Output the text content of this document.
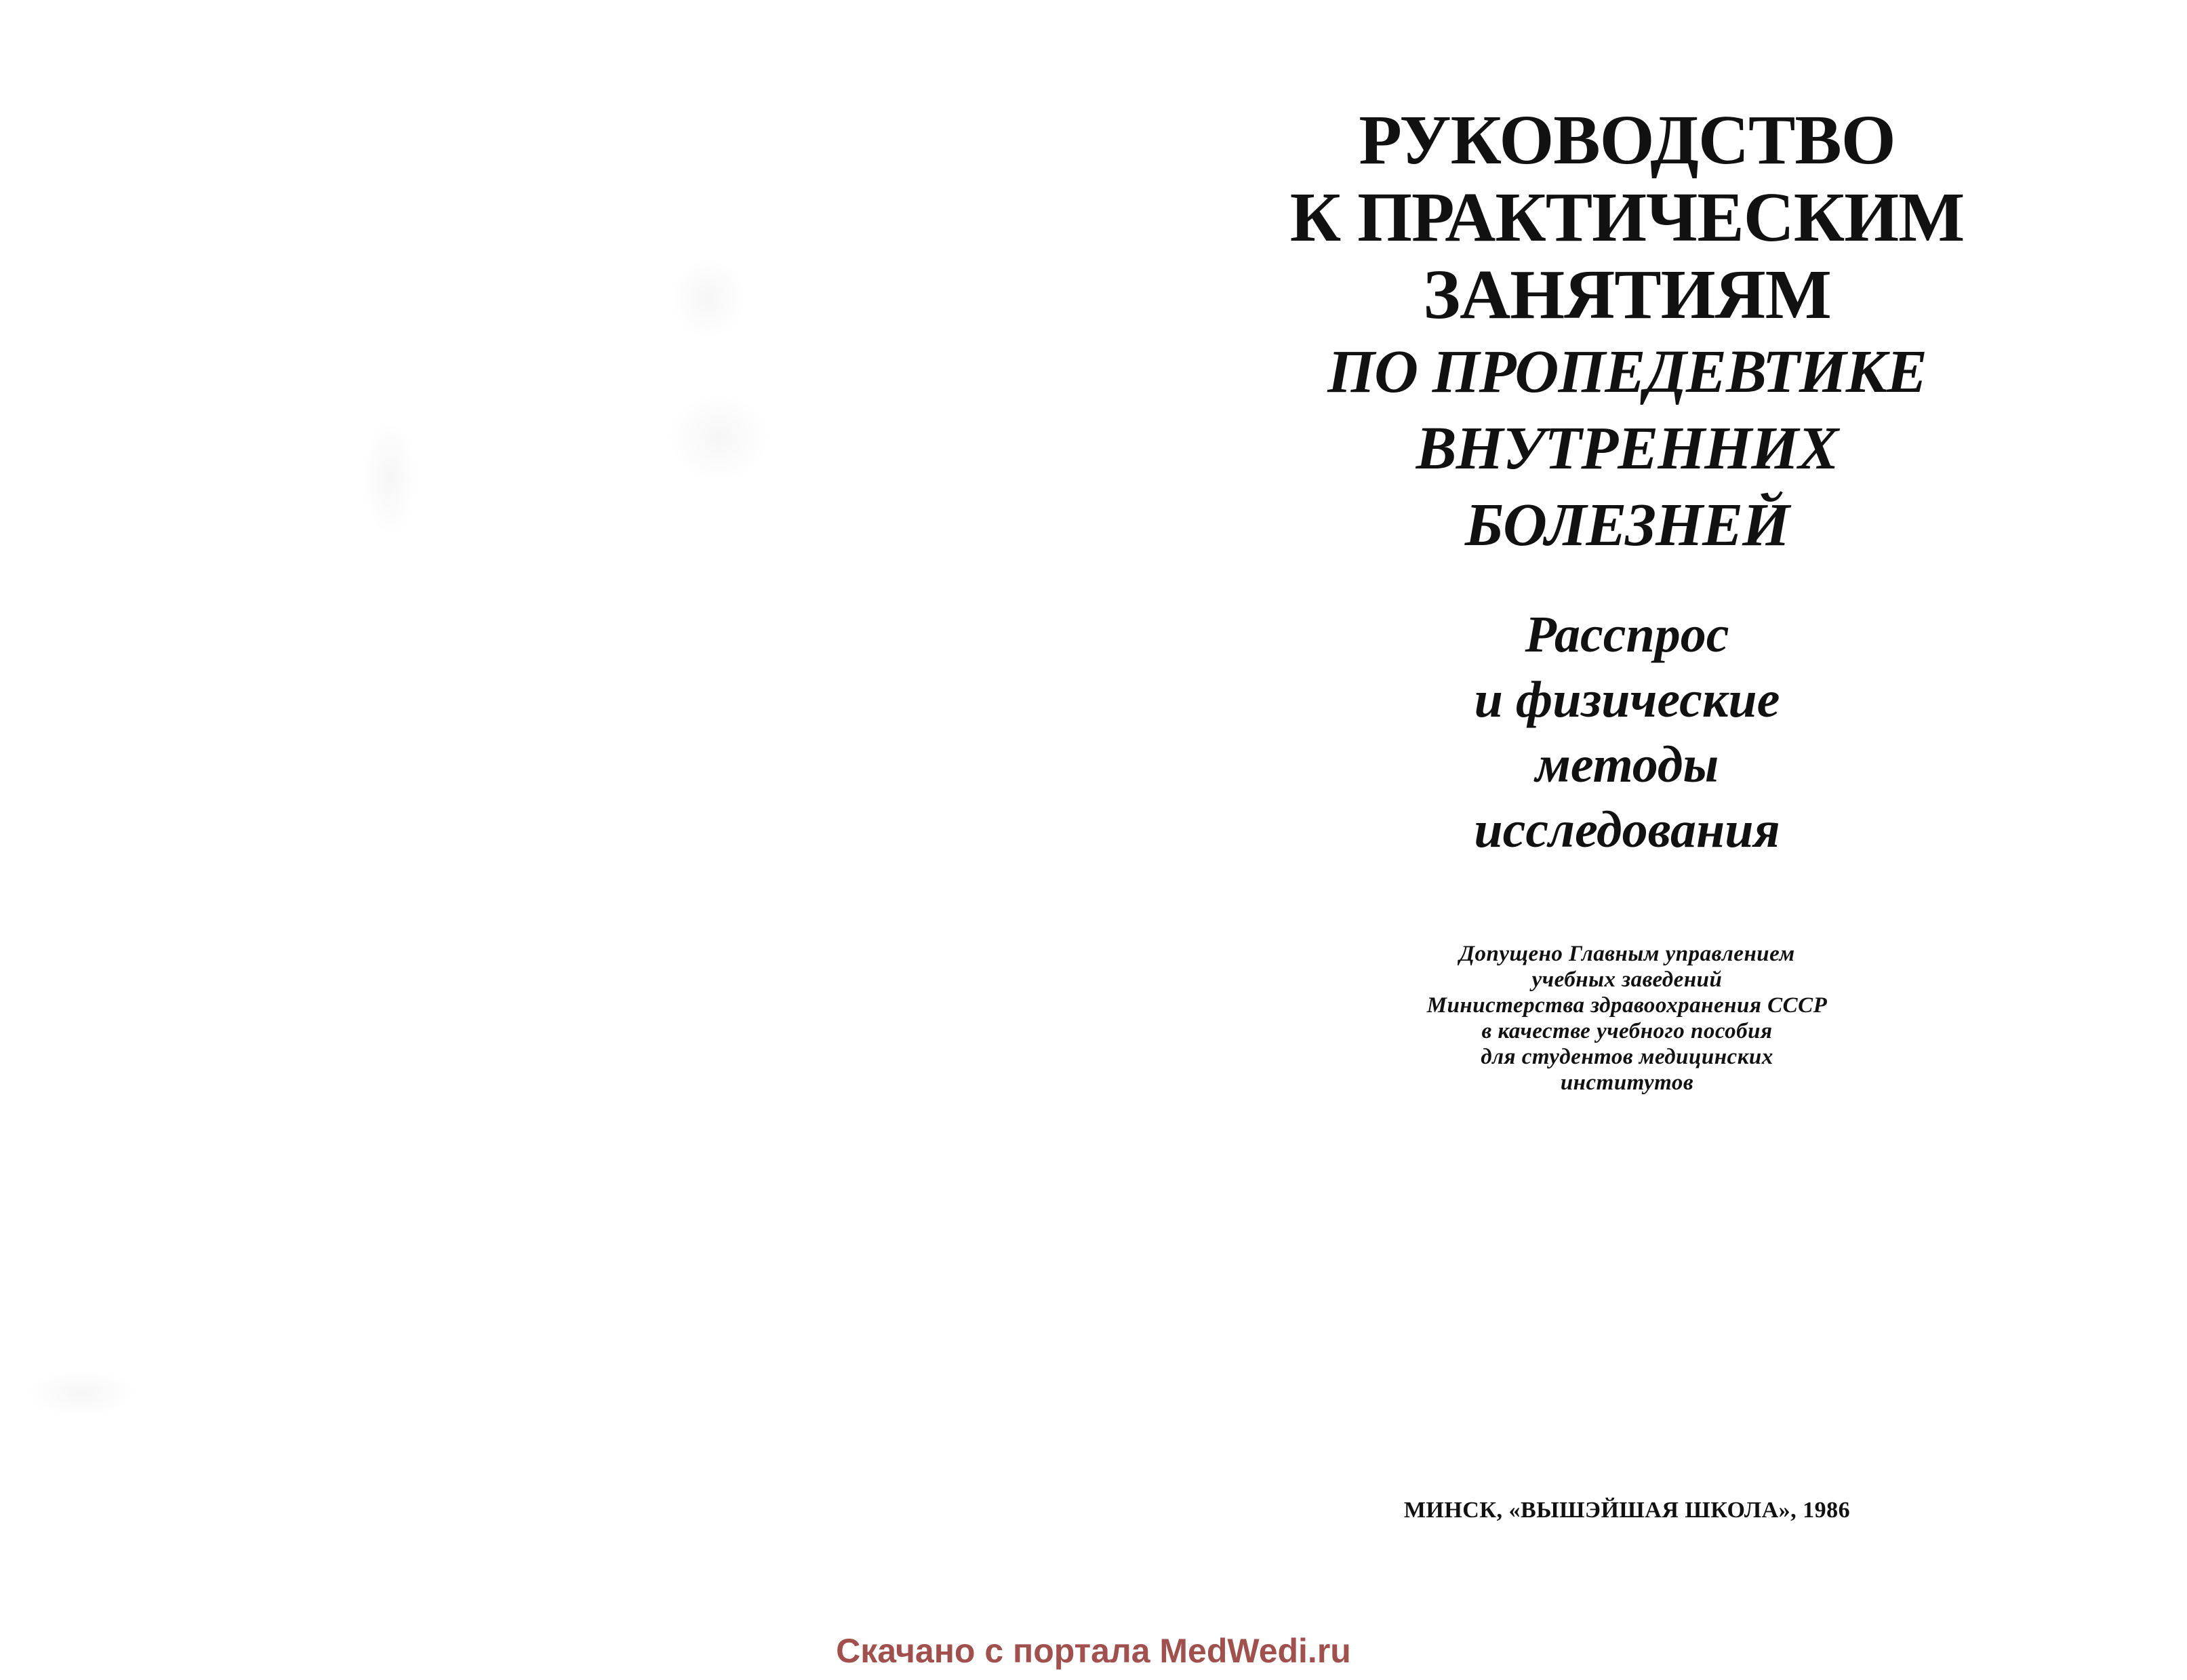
РУКОВОДСТВО

К ПРАКТИЧЕСКИМ

ЗАНЯТИЯМ

ПО ПРОПЕДЕВТИКЕ

ВНУТРЕННИХ

БОЛЕЗНЕЙ

Расспрос

и физические

методы

исследования

Допущено Главным управлением

учебных заведений

Министерства здравоохранения СССР

в качестве учебного пособия

для студентов медицинских

институтов

МИНСК, «ВЫШЭЙШАЯ ШКОЛА», 1986
Скачано с портала MedWedi.ru
